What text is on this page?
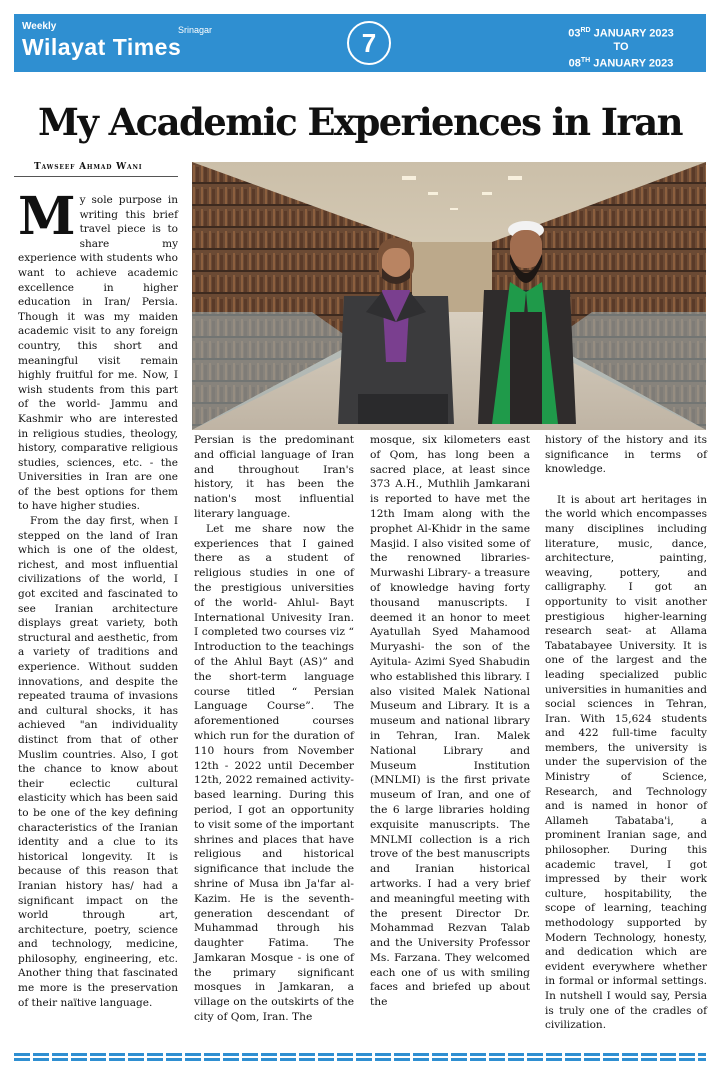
Weekly	Srinagar
Wilayat Times	7	03RD JANUARY 2023
TO
08TH JANUARY 2023
My Academic Experiences in Iran
Tawseef Ahmad Wani

My sole purpose in writing this brief travel piece is to share my experience with students who want to achieve academic excellence in higher education in Iran/ Persia. Though it was my maiden academic visit to any foreign country, this short and meaningful visit remain highly fruitful for me. Now, I wish students from this part of the world- Jammu and Kashmir who are interested in religious studies, theology, history, comparative religious studies, sciences, etc. - the Universities in Iran are one of the best options for them to have higher studies.

From the day first, when I stepped on the land of Iran which is one of the oldest, richest, and most influential civilizations of the world, I got excited and fascinated to see Iranian architecture displays great variety, both structural and aesthetic, from a variety of traditions and experience. Without sudden innovations, and despite the repeated trauma of invasions and cultural shocks, it has achieved "an individuality distinct from that of other Muslim countries. Also, I got the chance to know about their eclectic cultural elasticity which has been said to be one of the key defining characteristics of the Iranian identity and a clue to its historical longevity. It is because of this reason that Iranian history has/ had a significant impact on the world through art, architecture, poetry, science and technology, medicine, philosophy, engineering, etc. Another thing that fascinated me more is the preservation of their naïtive language.

Persian is the predominant and official language of Iran and throughout Iran's history, it has been the nation's most influential literary language.

Let me share now the experiences that I gained there as a student of religious studies in one of the prestigious universities of the world- Ahlul- Bayt International Univesity Iran. I completed two courses viz “ Introduction to the teachings of the Ahlul Bayt (AS)” and the short-term language course titled “ Persian Language Course”. The aforementioned courses which run for the duration of 110 hours from November 12th - 2022 until December 12th, 2022 remained activity-based learning. During this period, I got an opportunity to visit some of the important shrines and places that have religious and historical significance that include the shrine of Musa ibn Ja'far al-Kazim. He is the seventh-generation descendant of Muhammad through his daughter Fatima. The Jamkaran Mosque - is one of the primary significant mosques in Jamkaran, a village on the outskirts of the city of Qom, Iran. The

mosque, six kilometers east of Qom, has long been a sacred place, at least since 373 A.H., Muthlih Jamkarani is reported to have met the 12th Imam along with the prophet Al-Khidr in the same Masjid. I also visited some of the renowned libraries- Murwashi Library- a treasure of knowledge having forty thousand manuscripts. I deemed it an honor to meet Ayatullah Syed Mahamood Muryashi- the son of the Ayitula- Azimi Syed Shabudin who established this library. I also visited Malek National Museum and Library. It is a museum and national library in Tehran, Iran. Malek National Library and Museum Institution (MNLMI) is the first private museum of Iran, and one of the 6 large libraries holding exquisite manuscripts. The MNLMI collection is a rich trove of the best manuscripts and Iranian historical artworks. I had a very brief and meaningful meeting with the present Director Dr. Mohammad Rezvan Talab and the University Professor Ms. Farzana. They welcomed each one of us with smiling faces and briefed up about the

history of the history and its significance in terms of knowledge.

It is about art heritages in the world which encompasses many disciplines including literature, music, dance, architecture, painting, weaving, pottery, and calligraphy. I got an opportunity to visit another prestigious higher-learning research seat- at Allama Tabatabayee University. It is one of the largest and the leading specialized public universities in humanities and social sciences in Tehran, Iran. With 15,624 students and 422 full-time faculty members, the university is under the supervision of the Ministry of Science, Research, and Technology and is named in honor of Allameh Tabataba'i, a prominent Iranian sage, and philosopher. During this academic travel, I got impressed by their work culture, hospitability, the scope of learning, teaching methodology supported by Modern Technology, honesty, and dedication which are evident everywhere whether in formal or informal settings. In nutshell I would say, Persia is truly one of the cradles of civilization.
